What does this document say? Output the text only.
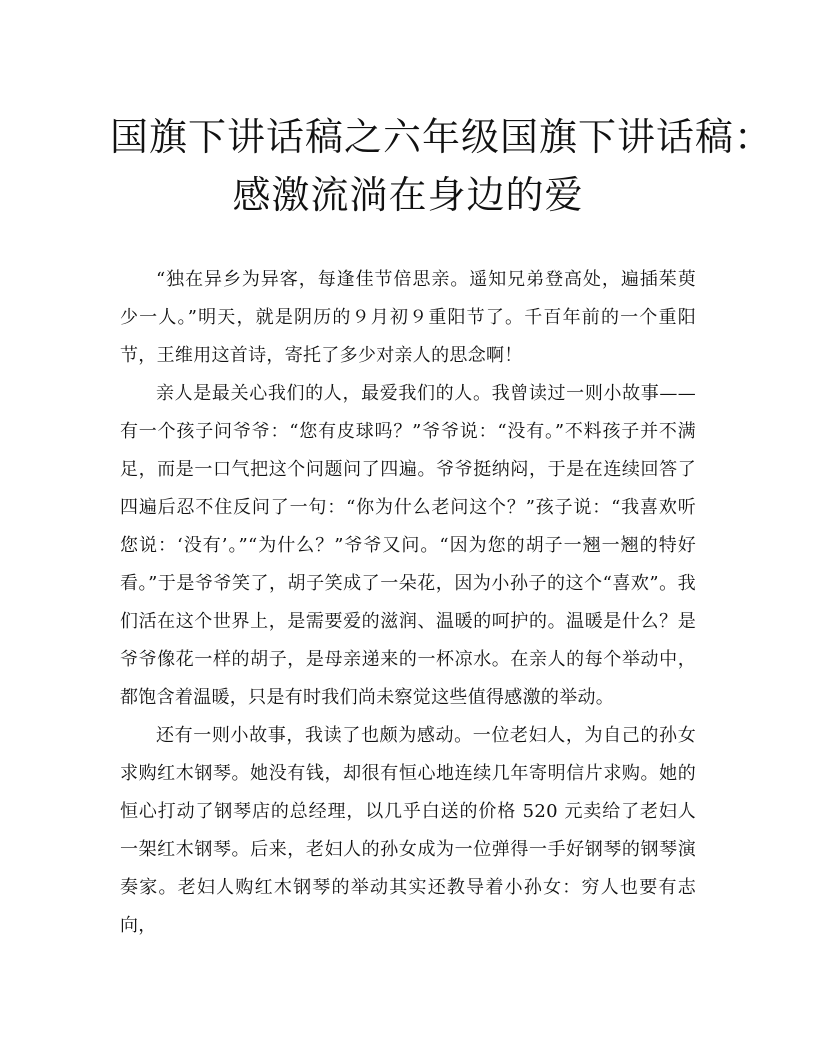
国旗下讲话稿之六年级国旗下讲话稿：

感激流淌在身边的爱

“独在异乡为异客，每逢佳节倍思亲。遥知兄弟登高处，遍插茱萸少一人。”明天，就是阴历的９月初９重阳节了。千百年前的一个重阳节，王维用这首诗，寄托了多少对亲人的思念啊！

亲人是最关心我们的人，最爱我们的人。我曾读过一则小故事——有一个孩子问爷爷：“您有皮球吗？”爷爷说：“没有。”不料孩子并不满足，而是一口气把这个问题问了四遍。爷爷挺纳闷，于是在连续回答了四遍后忍不住反问了一句：“你为什么老问这个？”孩子说：“我喜欢听您说：‘没有’。”“为什么？”爷爷又问。“因为您的胡子一翘一翘的特好看。”于是爷爷笑了，胡子笑成了一朵花，因为小孙子的这个“喜欢”。我们活在这个世界上，是需要爱的滋润、温暖的呵护的。温暖是什么？是爷爷像花一样的胡子，是母亲递来的一杯凉水。在亲人的每个举动中，都饱含着温暖，只是有时我们尚未察觉这些值得感激的举动。

还有一则小故事，我读了也颇为感动。一位老妇人，为自己的孙女求购红木钢琴。她没有钱，却很有恒心地连续几年寄明信片求购。她的恒心打动了钢琴店的总经理，以几乎白送的价格 520 元卖给了老妇人一架红木钢琴。后来，老妇人的孙女成为一位弹得一手好钢琴的钢琴演奏家。老妇人购红木钢琴的举动其实还教导着小孙女：穷人也要有志向，
